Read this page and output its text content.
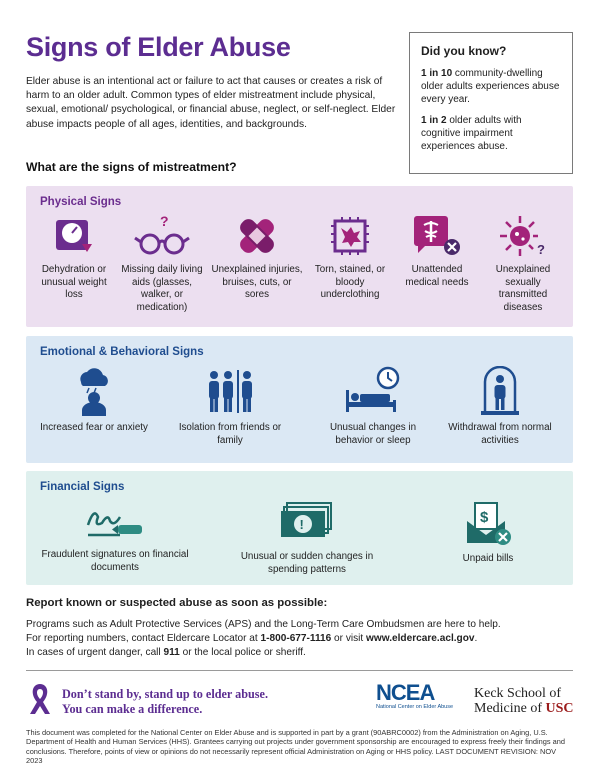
Signs of Elder Abuse

Elder abuse is an intentional act or failure to act that causes or creates a risk of harm to an older adult. Common types of elder mistreatment include physical, sexual, emotional/ psychological, or financial abuse, neglect, or self-neglect. Elder abuse impacts people of all ages, identities, and backgrounds.

What are the signs of mistreatment?
Did you know?
1 in 10 community-dwelling older adults experiences abuse every year.
1 in 2 older adults with cognitive impairment experiences abuse.
Physical Signs
Dehydration or unusual weight loss
?
Missing daily living aids (glasses, walker, or medication)
Unexplained injuries, bruises, cuts, or sores
Torn, stained, or bloody underclothing
Unattended medical needs
?
Unexplained sexually transmitted diseases
Emotional & Behavioral Signs
Increased fear or anxiety	Isolation from friends or family
Unusual changes in behavior or sleep
Withdrawal from normal activities
Financial Signs
Fraudulent signatures on financial documents
!
Unusual or sudden changes in spending patterns
$
Unpaid bills
Report known or suspected abuse as soon as possible:
Programs such as Adult Protective Services (APS) and the Long-Term Care Ombudsmen are here to help.
For reporting numbers, contact Eldercare Locator at 1-800-677-1116 or visit www.eldercare.acl.gov.
In cases of urgent danger, call 911 or the local police or sheriff.
Don’t stand by, stand up to elder abuse.
You can make a difference.
NCEA
National Center on Elder Abuse
Keck School of
Medicine of USC

This document was completed for the National Center on Elder Abuse and is supported in part by a grant (90ABRC0002) from the Administration on Aging, U.S. Department of Health and Human Services (HHS). Grantees carrying out projects under government sponsorship are encouraged to express freely their findings and conclusions. Therefore, points of view or opinions do not necessarily represent official Administration on Aging or HHS policy. LAST DOCUMENT REVISION: NOV 2023
